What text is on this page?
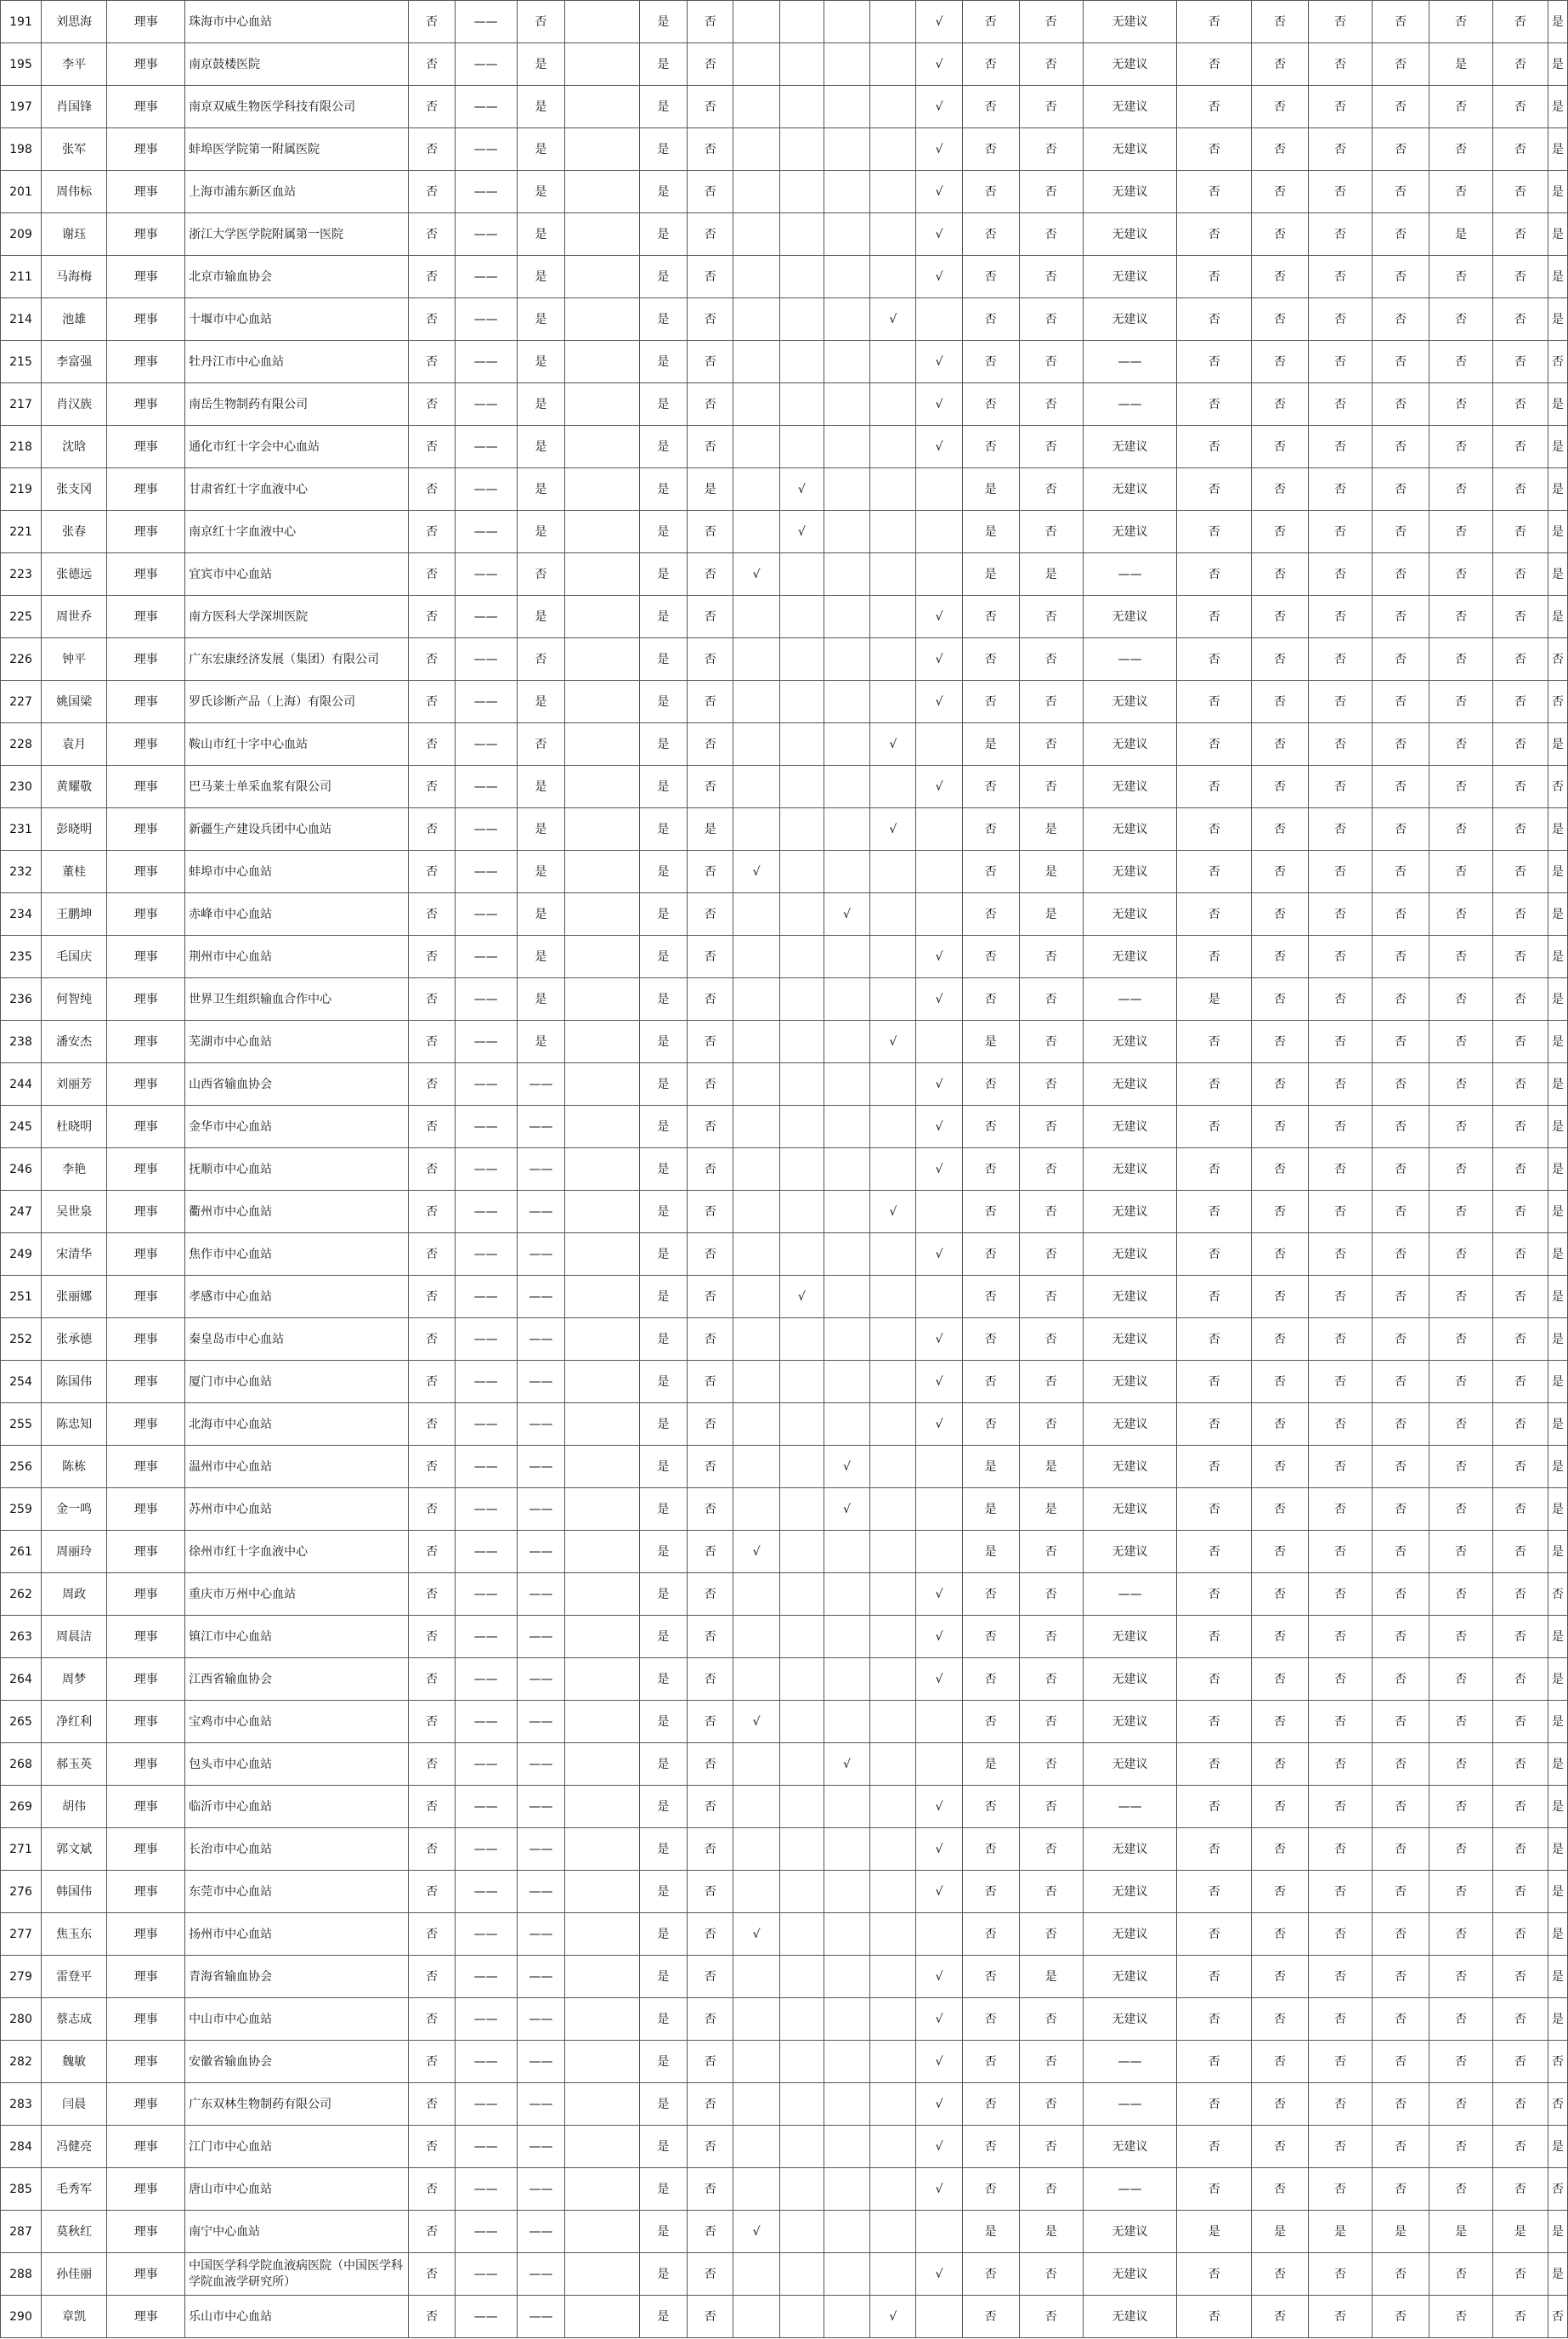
191	刘思海	理事	珠海市中心血站	否	——	否		是	否					√	否	否	无建议	否	否	否	否	否	否	是
195	李平	理事	南京鼓楼医院	否	——	是		是	否					√	否	否	无建议	否	否	否	否	是	否	是
197	肖国锋	理事	南京双威生物医学科技有限公司	否	——	是		是	否					√	否	否	无建议	否	否	否	否	否	否	是
198	张军	理事	蚌埠医学院第一附属医院	否	——	是		是	否					√	否	否	无建议	否	否	否	否	否	否	是
201	周伟标	理事	上海市浦东新区血站	否	——	是		是	否					√	否	否	无建议	否	否	否	否	否	否	是
209	谢珏	理事	浙江大学医学院附属第一医院	否	——	是		是	否					√	否	否	无建议	否	否	否	否	是	否	是
211	马海梅	理事	北京市输血协会	否	——	是		是	否					√	否	否	无建议	否	否	否	否	否	否	是
214	池雄	理事	十堰市中心血站	否	——	是		是	否				√		否	否	无建议	否	否	否	否	否	否	是
215	李富强	理事	牡丹江市中心血站	否	——	是		是	否					√	否	否	——	否	否	否	否	否	否	否
217	肖汉族	理事	南岳生物制药有限公司	否	——	是		是	否					√	否	否	——	否	否	否	否	否	否	是
218	沈晗	理事	通化市红十字会中心血站	否	——	是		是	否					√	否	否	无建议	否	否	否	否	否	否	是
219	张支冈	理事	甘肃省红十字血液中心	否	——	是		是	是		√				是	否	无建议	否	否	否	否	否	否	是
221	张春	理事	南京红十字血液中心	否	——	是		是	否		√				是	否	无建议	否	否	否	否	否	否	是
223	张德远	理事	宜宾市中心血站	否	——	否		是	否	√					是	是	——	否	否	否	否	否	否	是
225	周世乔	理事	南方医科大学深圳医院	否	——	是		是	否					√	否	否	无建议	否	否	否	否	否	否	是
226	钟平	理事	广东宏康经济发展（集团）有限公司	否	——	否		是	否					√	否	否	——	否	否	否	否	否	否	否
227	姚国梁	理事	罗氏诊断产品（上海）有限公司	否	——	是		是	否					√	否	否	无建议	否	否	否	否	否	否	否
228	袁月	理事	鞍山市红十字中心血站	否	——	否		是	否				√		是	否	无建议	否	否	否	否	否	否	是
230	黄耀敬	理事	巴马莱士单采血浆有限公司	否	——	是		是	否					√	否	否	无建议	否	否	否	否	否	否	否
231	彭晓明	理事	新疆生产建设兵团中心血站	否	——	是		是	是				√		否	是	无建议	否	否	否	否	否	否	是
232	董桂	理事	蚌埠市中心血站	否	——	是		是	否	√					否	是	无建议	否	否	否	否	否	否	是
234	王鹏坤	理事	赤峰市中心血站	否	——	是		是	否			√			否	是	无建议	否	否	否	否	否	否	是
235	毛国庆	理事	荆州市中心血站	否	——	是		是	否					√	否	否	无建议	否	否	否	否	否	否	是
236	何智纯	理事	世界卫生组织输血合作中心	否	——	是		是	否					√	否	否	——	是	否	否	否	否	否	是
238	潘安杰	理事	芜湖市中心血站	否	——	是		是	否				√		是	否	无建议	否	否	否	否	否	否	是
244	刘丽芳	理事	山西省输血协会	否	——	——		是	否					√	否	否	无建议	否	否	否	否	否	否	是
245	杜晓明	理事	金华市中心血站	否	——	——		是	否					√	否	否	无建议	否	否	否	否	否	否	是
246	李艳	理事	抚顺市中心血站	否	——	——		是	否					√	否	否	无建议	否	否	否	否	否	否	是
247	吴世泉	理事	衢州市中心血站	否	——	——		是	否				√		否	否	无建议	否	否	否	否	否	否	是
249	宋清华	理事	焦作市中心血站	否	——	——		是	否					√	否	否	无建议	否	否	否	否	否	否	是
251	张丽娜	理事	孝感市中心血站	否	——	——		是	否		√				否	否	无建议	否	否	否	否	否	否	是
252	张承德	理事	秦皇岛市中心血站	否	——	——		是	否					√	否	否	无建议	否	否	否	否	否	否	是
254	陈国伟	理事	厦门市中心血站	否	——	——		是	否					√	否	否	无建议	否	否	否	否	否	否	是
255	陈忠知	理事	北海市中心血站	否	——	——		是	否					√	否	否	无建议	否	否	否	否	否	否	是
256	陈栋	理事	温州市中心血站	否	——	——		是	否			√			是	是	无建议	否	否	否	否	否	否	是
259	金一鸣	理事	苏州市中心血站	否	——	——		是	否			√			是	是	无建议	否	否	否	否	否	否	是
261	周丽玲	理事	徐州市红十字血液中心	否	——	——		是	否	√					是	否	无建议	否	否	否	否	否	否	是
262	周政	理事	重庆市万州中心血站	否	——	——		是	否					√	否	否	——	否	否	否	否	否	否	否
263	周晨洁	理事	镇江市中心血站	否	——	——		是	否					√	否	否	无建议	否	否	否	否	否	否	是
264	周梦	理事	江西省输血协会	否	——	——		是	否					√	否	否	无建议	否	否	否	否	否	否	是
265	净红利	理事	宝鸡市中心血站	否	——	——		是	否	√					否	否	无建议	否	否	否	否	否	否	是
268	郝玉英	理事	包头市中心血站	否	——	——		是	否			√			是	否	无建议	否	否	否	否	否	否	是
269	胡伟	理事	临沂市中心血站	否	——	——		是	否					√	否	否	——	否	否	否	否	否	否	是
271	郭文斌	理事	长治市中心血站	否	——	——		是	否					√	否	否	无建议	否	否	否	否	否	否	是
276	韩国伟	理事	东莞市中心血站	否	——	——		是	否					√	否	否	无建议	否	否	否	否	否	否	是
277	焦玉东	理事	扬州市中心血站	否	——	——		是	否	√					否	否	无建议	否	否	否	否	否	否	是
279	雷登平	理事	青海省输血协会	否	——	——		是	否					√	否	是	无建议	否	否	否	否	否	否	是
280	蔡志成	理事	中山市中心血站	否	——	——		是	否					√	否	否	无建议	否	否	否	否	否	否	是
282	魏敏	理事	安徽省输血协会	否	——	——		是	否					√	否	否	——	否	否	否	否	否	否	否
283	闫晨	理事	广东双林生物制药有限公司	否	——	——		是	否					√	否	否	——	否	否	否	否	否	否	否
284	冯健亮	理事	江门市中心血站	否	——	——		是	否					√	否	否	无建议	否	否	否	否	否	否	是
285	毛秀军	理事	唐山市中心血站	否	——	——		是	否					√	否	否	——	否	否	否	否	否	否	否
287	莫秋红	理事	南宁中心血站	否	——	——		是	否	√					是	是	无建议	是	是	是	是	是	是	是
288	孙佳丽	理事	中国医学科学院血液病医院（中国医学科学院血液学研究所）	否	——	——		是	否					√	否	否	无建议	否	否	否	否	否	否	是
290	章凯	理事	乐山市中心血站	否	——	——		是	否				√		否	否	无建议	否	否	否	否	否	否	否
